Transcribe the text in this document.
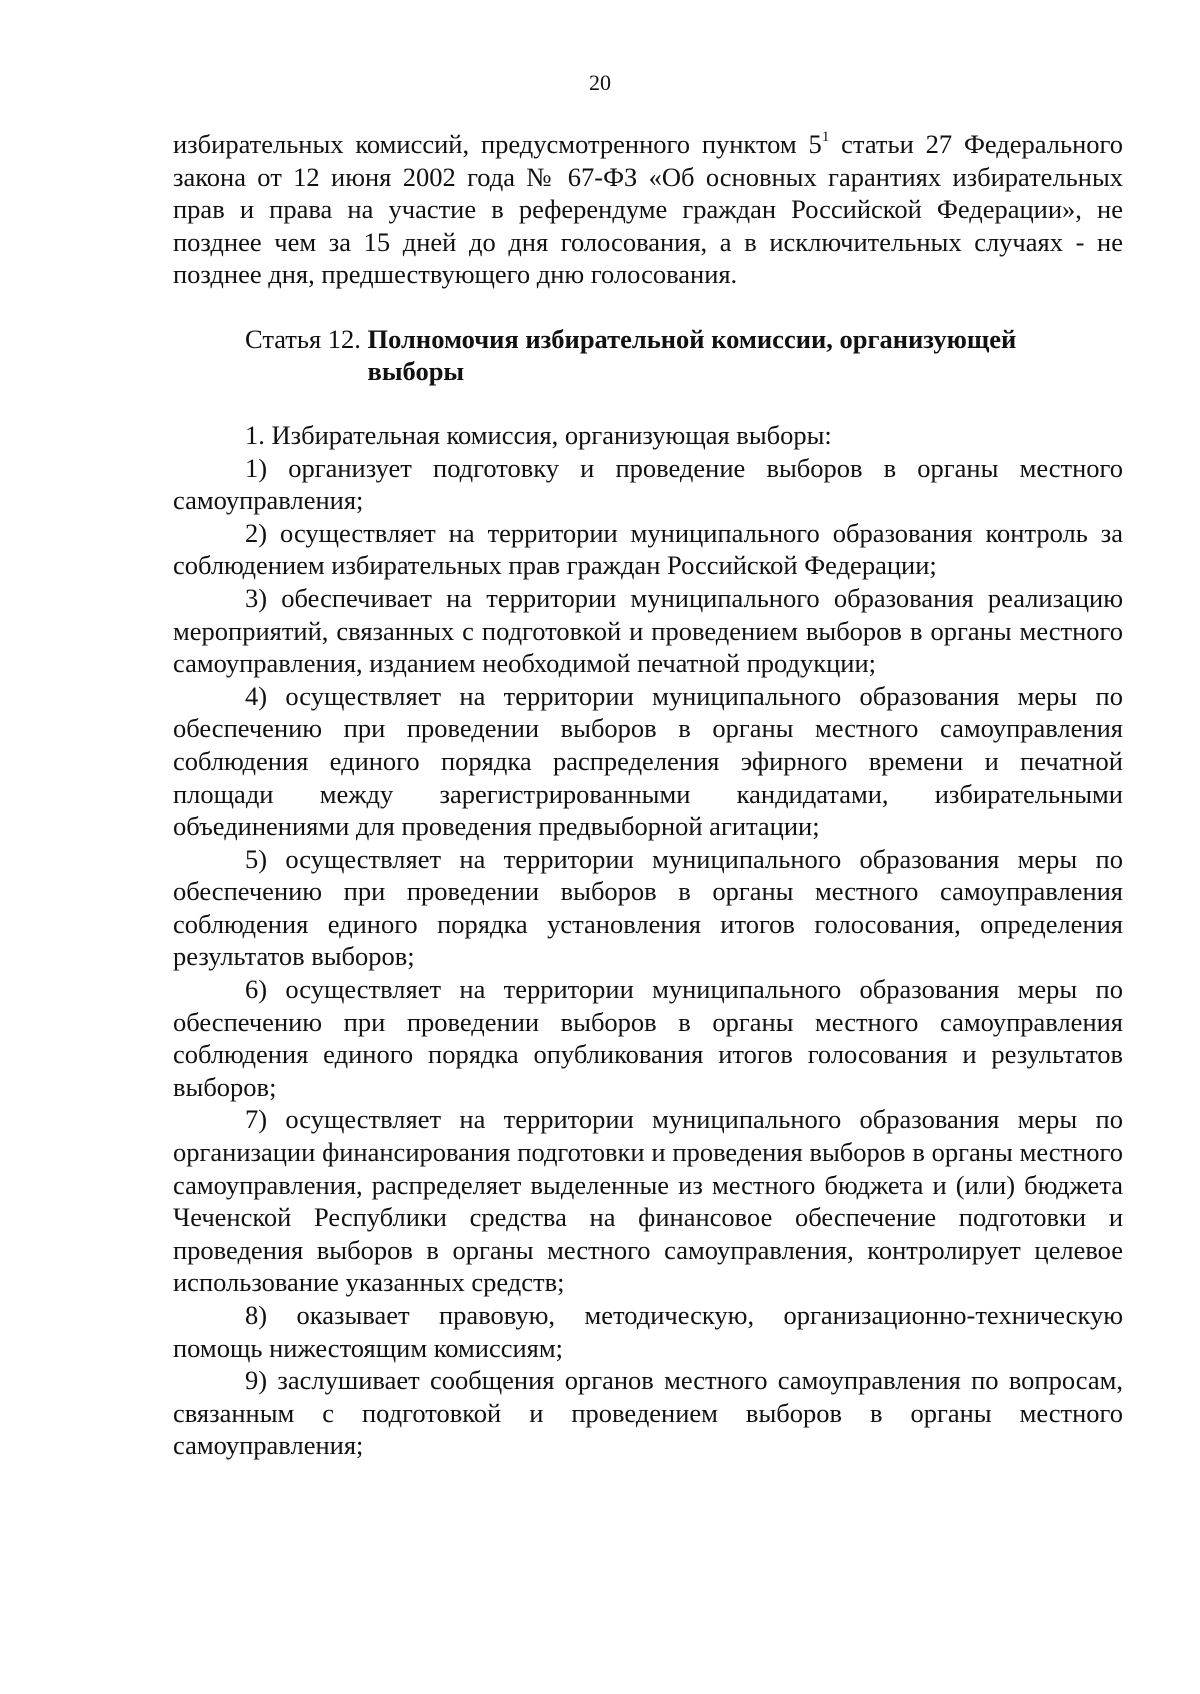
20

избирательных комиссий, предусмотренного пунктом $5^1$ статьи 27 Федерального закона от 12 июня 2002 года № 67-ФЗ «Об основных гарантиях избирательных прав и права на участие в референдуме граждан Российской Федерации», не позднее чем за 15 дней до дня голосования, а в исключительных случаях - не позднее дня, предшествующего дню голосования.

Статья 12. Полномочия избирательной комиссии, организующей выборы

1. Избирательная комиссия, организующая выборы:

1) организует подготовку и проведение выборов в органы местного самоуправления;

2) осуществляет на территории муниципального образования контроль за соблюдением избирательных прав граждан Российской Федерации;

3) обеспечивает на территории муниципального образования реализацию мероприятий, связанных с подготовкой и проведением выборов в органы местного самоуправления, изданием необходимой печатной продукции;

4) осуществляет на территории муниципального образования меры по обеспечению при проведении выборов в органы местного самоуправления соблюдения единого порядка распределения эфирного времени и печатной площади между зарегистрированными кандидатами, избирательными объединениями для проведения предвыборной агитации;

5) осуществляет на территории муниципального образования меры по обеспечению при проведении выборов в органы местного самоуправления соблюдения единого порядка установления итогов голосования, определения результатов выборов;

6) осуществляет на территории муниципального образования меры по обеспечению при проведении выборов в органы местного самоуправления соблюдения единого порядка опубликования итогов голосования и результатов выборов;

7) осуществляет на территории муниципального образования меры по организации финансирования подготовки и проведения выборов в органы местного самоуправления, распределяет выделенные из местного бюджета и (или) бюджета Чеченской Республики средства на финансовое обеспечение подготовки и проведения выборов в органы местного самоуправления, контролирует целевое использование указанных средств;

8) оказывает правовую, методическую, организационно-техническую помощь нижестоящим комиссиям;

9) заслушивает сообщения органов местного самоуправления по вопросам, связанным с подготовкой и проведением выборов в органы местного самоуправления;
